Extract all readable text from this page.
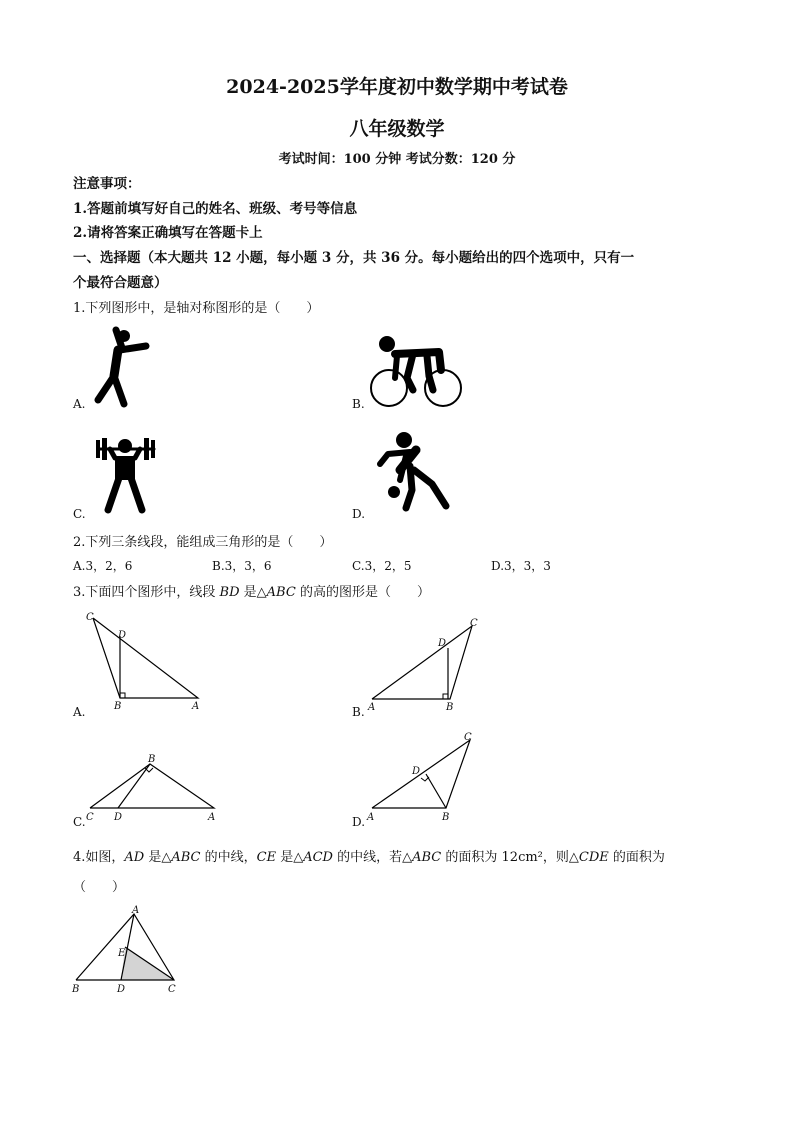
2024-2025学年度初中数学期中考试卷
八年级数学
考试时间：100 分钟 考试分数：120 分
注意事项：
1.答题前填写好自己的姓名、班级、考号等信息
2.请将答案正确填写在答题卡上
一、选择题（本大题共 12 小题，每小题 3 分，共 36 分。每小题给出的四个选项中，只有一
个最符合题意）
1.下列图形中，是轴对称图形的是（　　）
A.	B.
C.	D.
2.下列三条线段，能组成三角形的是（　　）
A.3，2，6	B.3，3，6	C.3，2，5	D.3，3，3
3.下面四个图形中，线段 BD 是△ABC 的高的图形是（　　）
C
D
B	A
A.
D
C
A	B
B.
B
C D	A
C.
C
D
A	B
D.
4.如图，AD 是△ABC 的中线，CE 是△ACD 的中线，若△ABC 的面积为 12cm²，则△CDE 的面积为
（　　）
A
E
B	D	C
